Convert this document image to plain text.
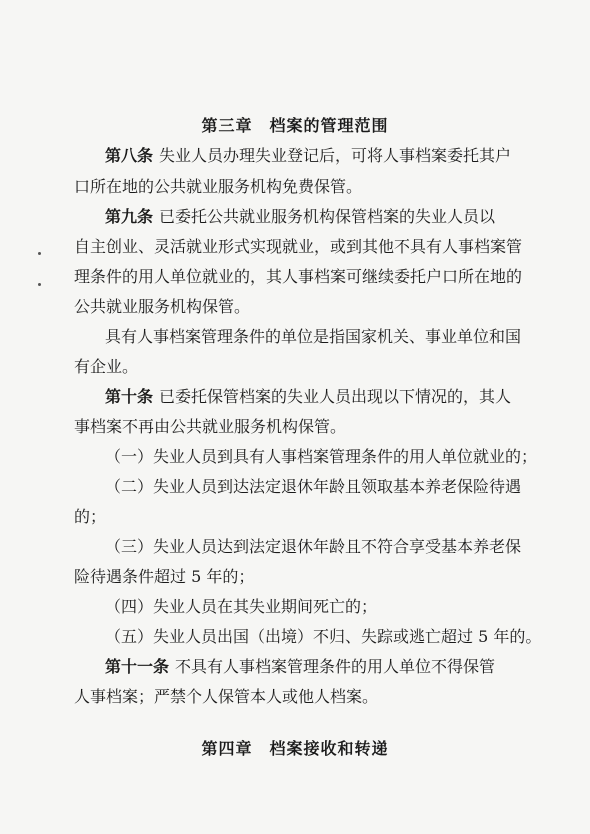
第三章　档案的管理范围
第八条 失业人员办理失业登记后，可将人事档案委托其户
口所在地的公共就业服务机构免费保管。
第九条 已委托公共就业服务机构保管档案的失业人员以
自主创业、灵活就业形式实现就业，或到其他不具有人事档案管
理条件的用人单位就业的，其人事档案可继续委托户口所在地的
公共就业服务机构保管。
具有人事档案管理条件的单位是指国家机关、事业单位和国
有企业。
第十条 已委托保管档案的失业人员出现以下情况的，其人
事档案不再由公共就业服务机构保管。
（一）失业人员到具有人事档案管理条件的用人单位就业的；
（二）失业人员到达法定退休年龄且领取基本养老保险待遇
的；
（三）失业人员达到法定退休年龄且不符合享受基本养老保
险待遇条件超过 5 年的；
（四）失业人员在其失业期间死亡的；
（五）失业人员出国（出境）不归、失踪或逃亡超过 5 年的。
第十一条 不具有人事档案管理条件的用人单位不得保管
人事档案；严禁个人保管本人或他人档案。
第四章　档案接收和转递
